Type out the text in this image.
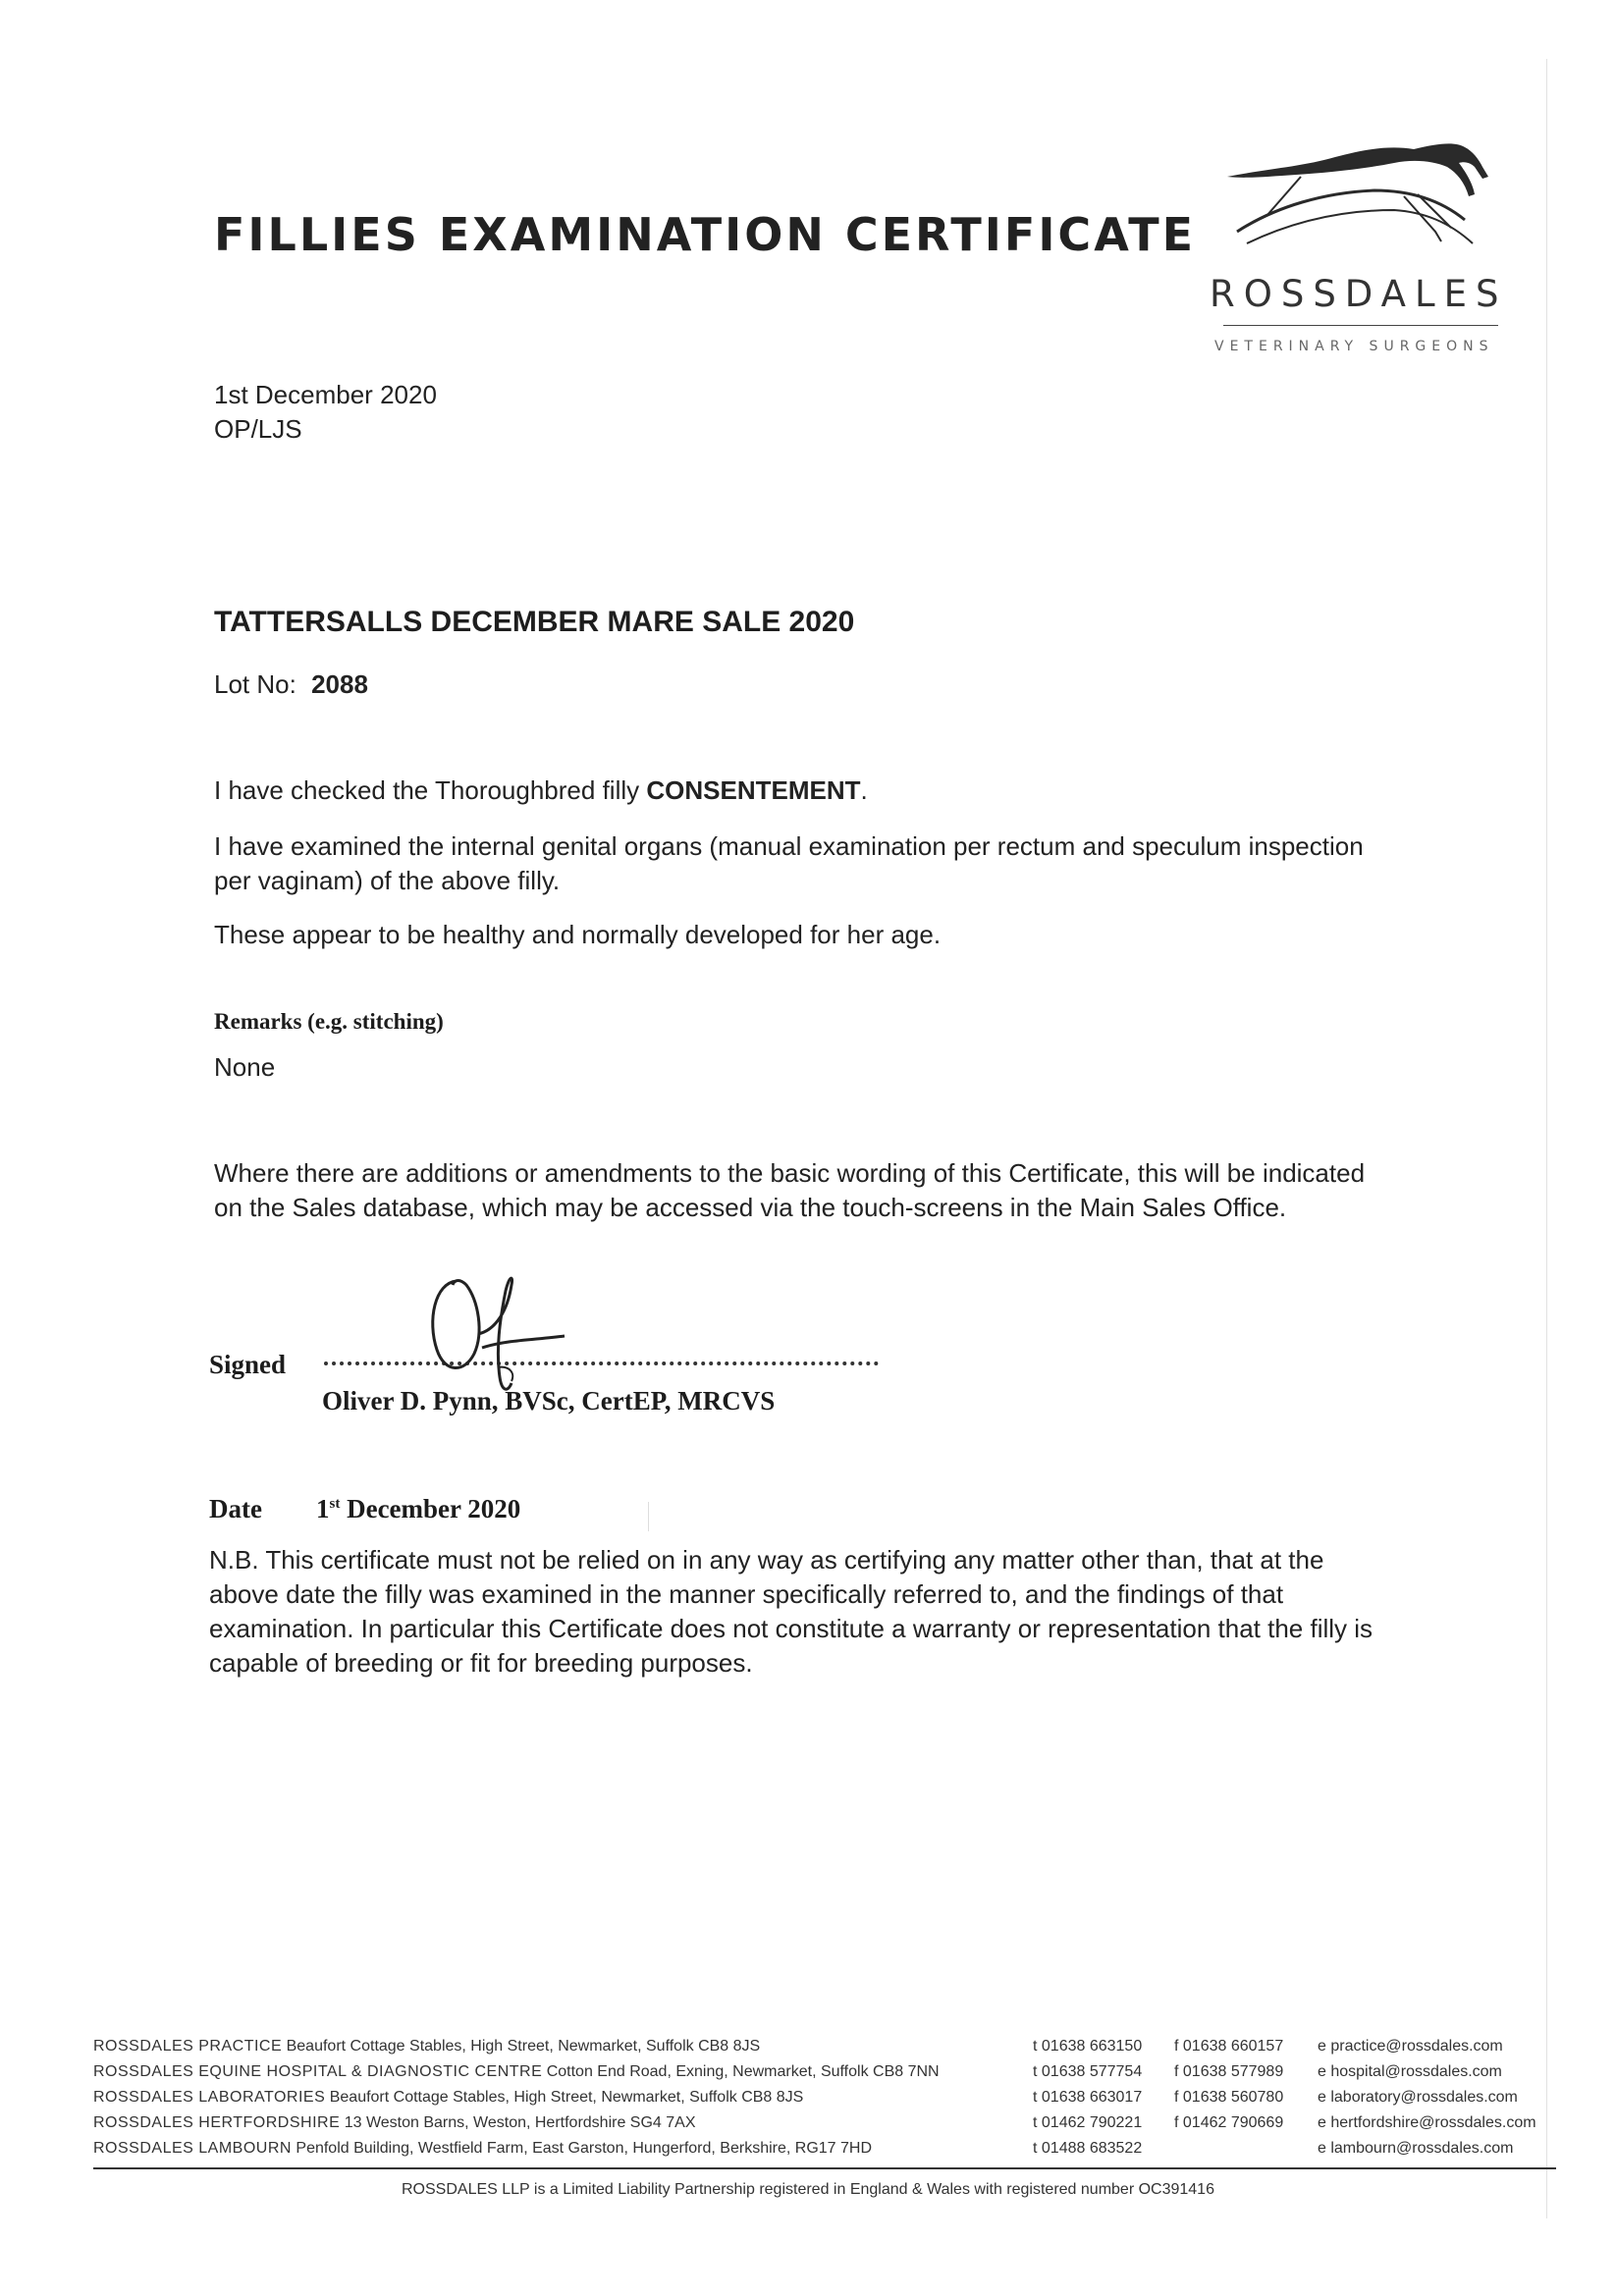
FILLIES EXAMINATION CERTIFICATE
ROSSDALES
VETERINARY SURGEONS
1st December 2020
OP/LJS
TATTERSALLS DECEMBER MARE SALE 2020
Lot No: 2088
I have checked the Thoroughbred filly CONSENTEMENT.
I have examined the internal genital organs (manual examination per rectum and speculum inspection
per vaginam) of the above filly.
These appear to be healthy and normally developed for her age.
Remarks (e.g. stitching)
None
Where there are additions or amendments to the basic wording of this Certificate, this will be indicated
on the Sales database, which may be accessed via the touch-screens in the Main Sales Office.
Signed
Oliver D. Pynn, BVSc, CertEP, MRCVS
Date 1st December 2020
N.B. This certificate must not be relied on in any way as certifying any matter other than, that at the
above date the filly was examined in the manner specifically referred to, and the findings of that
examination. In particular this Certificate does not constitute a warranty or representation that the filly is
capable of breeding or fit for breeding purposes.
ROSSDALES PRACTICE Beaufort Cottage Stables, High Street, Newmarket, Suffolk CB8 8JS
ROSSDALES EQUINE HOSPITAL & DIAGNOSTIC CENTRE Cotton End Road, Exning, Newmarket, Suffolk CB8 7NN
ROSSDALES LABORATORIES Beaufort Cottage Stables, High Street, Newmarket, Suffolk CB8 8JS
ROSSDALES HERTFORDSHIRE 13 Weston Barns, Weston, Hertfordshire SG4 7AX
ROSSDALES LAMBOURN Penfold Building, Westfield Farm, East Garston, Hungerford, Berkshire, RG17 7HD
t 01638 663150
t 01638 577754
t 01638 663017
t 01462 790221
t 01488 683522
f 01638 660157
f 01638 577989
f 01638 560780
f 01462 790669
e practice@rossdales.com
e hospital@rossdales.com
e laboratory@rossdales.com
e hertfordshire@rossdales.com
e lambourn@rossdales.com
ROSSDALES LLP is a Limited Liability Partnership registered in England & Wales with registered number OC391416
